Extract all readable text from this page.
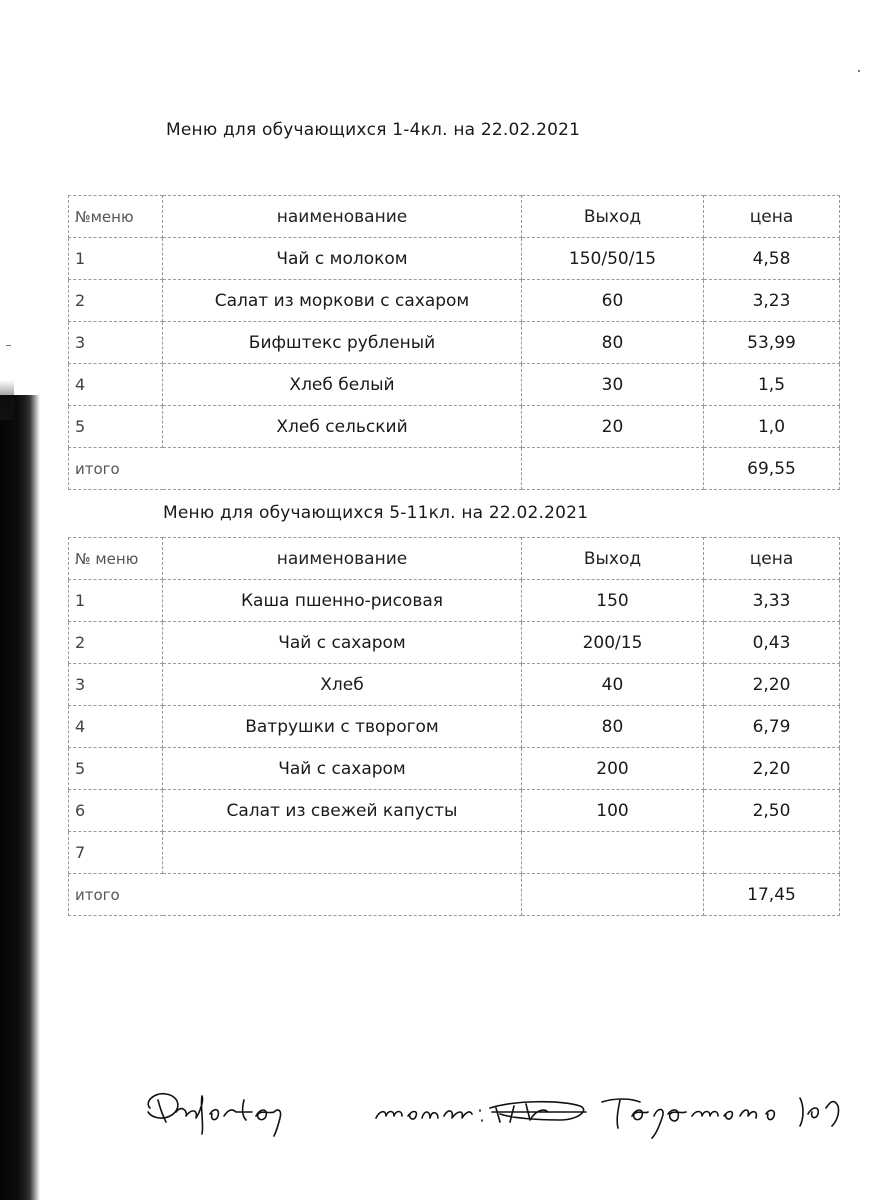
Меню для обучающихся 1-4кл. на 22.02.2021
№меню	наименование	Выход	цена
1	Чай с молоком	150/50/15	4,58
2	Салат из моркови с сахаром	60	3,23
3	Бифштекс рубленый	80	53,99
4	Хлеб белый	30	1,5
5	Хлеб сельский	20	1,0
итого			69,55
Меню для обучающихся 5-11кл. на 22.02.2021
№ меню	наименование	Выход	цена
1	Каша пшенно-рисовая	150	3,33
2	Чай с сахаром	200/15	0,43
3	Хлеб	40	2,20
4	Ватрушки с творогом	80	6,79
5	Чай с сахаром	200	2,20
6	Салат из свежей капусты	100	2,50
7			
итого			17,45
